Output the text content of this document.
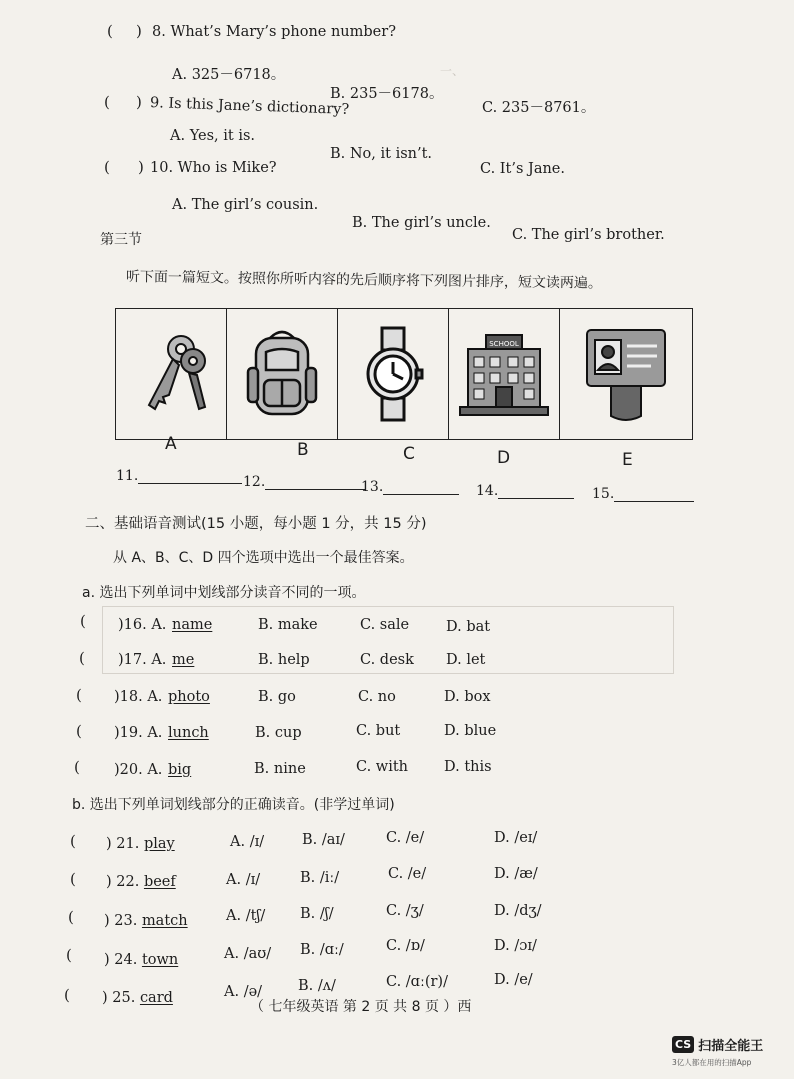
一、
( ) 8. What’s Mary’s phone number?
A. 325－6718。
B. 235－6178。
C. 235－8761。
( ) 9. Is this Jane’s dictionary?
A. Yes, it is.
B. No, it isn’t.
C. It’s Jane.
( ) 10. Who is Mike?
A. The girl’s cousin.
B. The girl’s uncle.
C. The girl’s brother.
第三节
听下面一篇短文。按照你所听内容的先后顺序将下列图片排序，短文读两遍。
SCHOOL
A	B	C	D	E
11.	12.	13.	14.	15.
二、基础语音测试(15 小题，每小题 1 分，共 15 分)
从 A、B、C、D 四个选项中选出一个最佳答案。
a. 选出下列单词中划线部分读音不同的一项。
( )16. A. name	B. make	C. sale	D. bat
( )17. A. me	B. help	C. desk D. let
( )18. A. photo	B. go	C. no	D. box
( )19. A. lunch	B. cup	C. but	D. blue
( )20. A. big	B. nine	C. with D. this
b. 选出下列单词划线部分的正确读音。(非学过单词)
( ) 21. play	A. /ɪ/	B. /aɪ/	C. /e/	D. /eɪ/
( ) 22. beef	A. /ɪ/	B. /iː/	C. /e/	D. /æ/
( ) 23. match	A. /tʃ/ B. /ʃ/	C. /ʒ/	D. /dʒ/
( ) 24. town	A. /aʊ/ B. /ɑː/	C. /ɒ/	D. /ɔɪ/
( ) 25. card	A. /ə/ B. /ʌ/	C. /ɑː(r)/	D. /e/
（ 七年级英语 第 2 页 共 8 页 ）西
CS 扫描全能王
3亿人都在用的扫描App
